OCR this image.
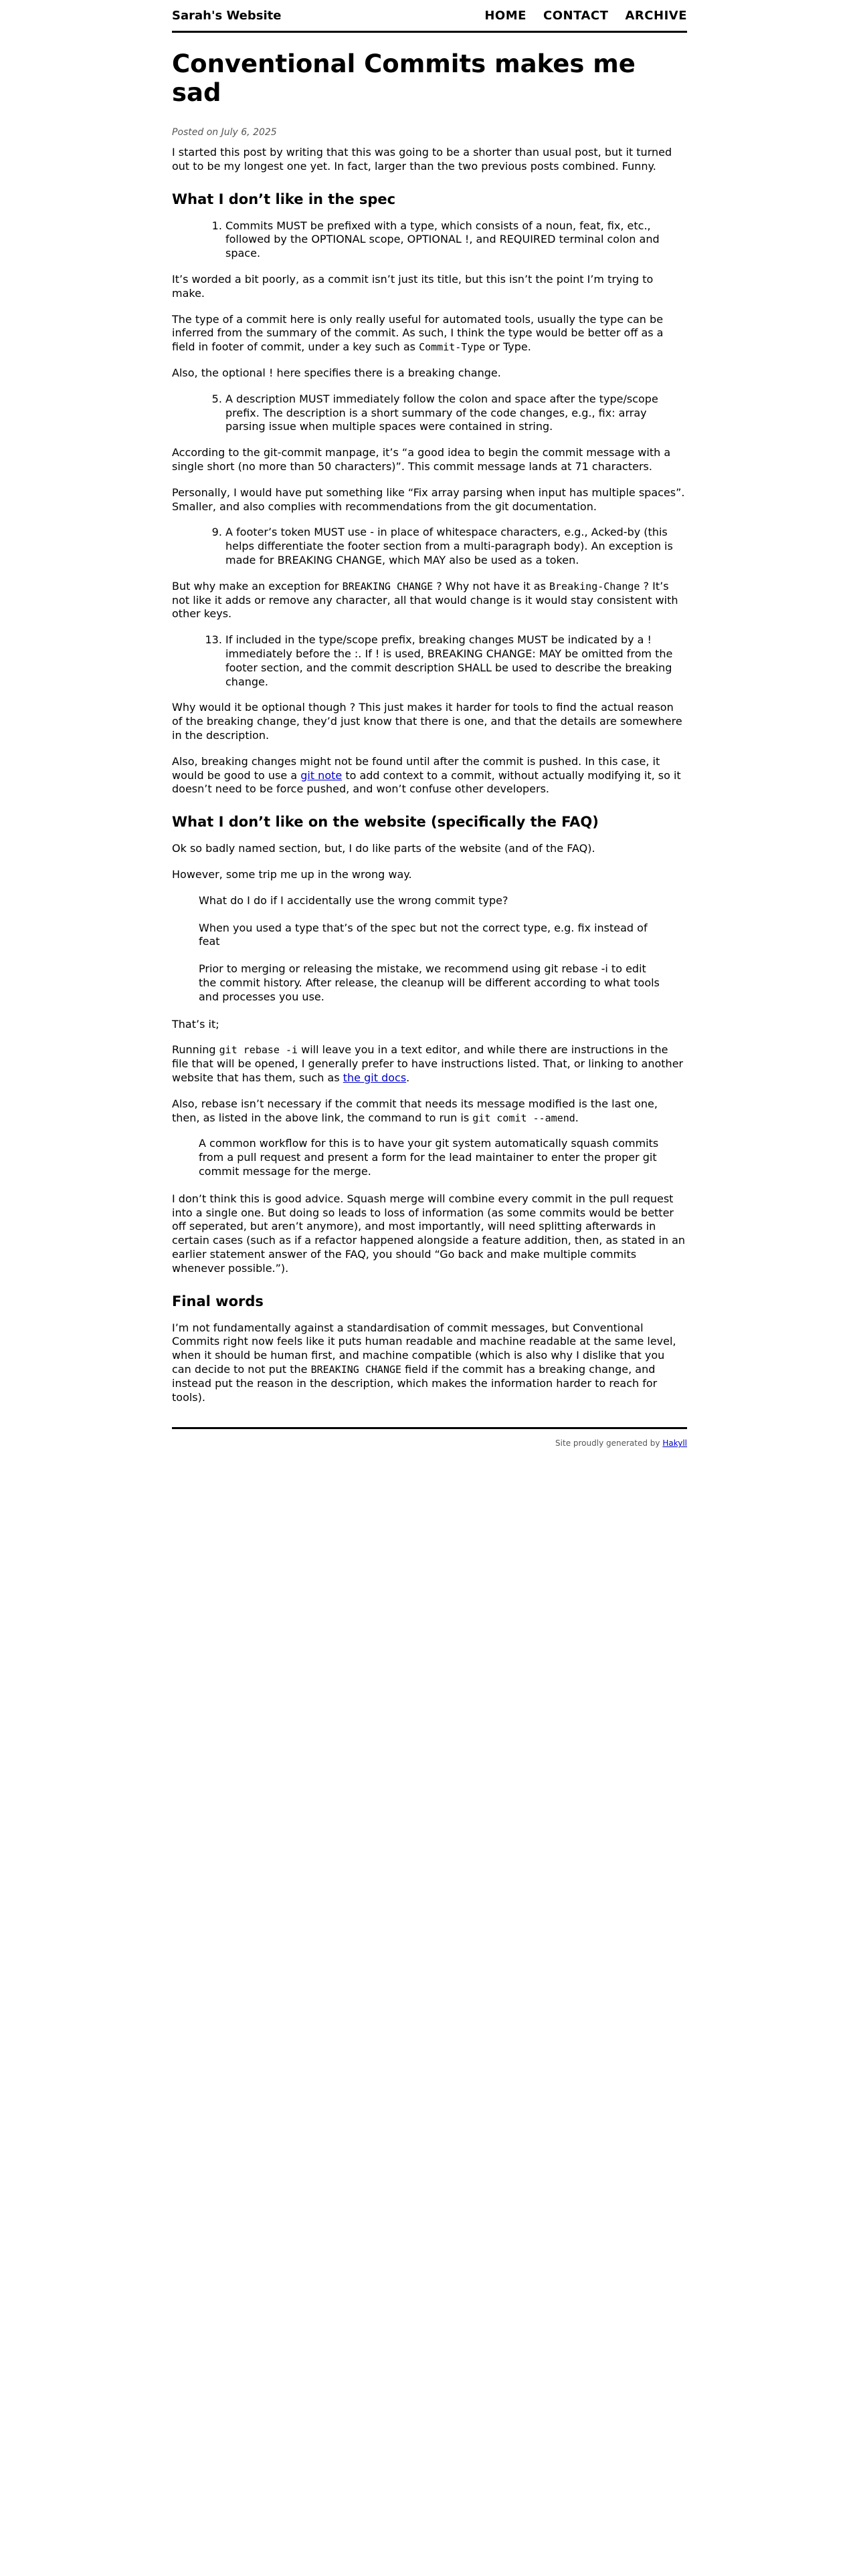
Sarah's Website	HOME CONTACT ARCHIVE
Conventional Commits makes me sad
Posted on July 6, 2025

I started this post by writing that this was going to be a shorter than usual post, but it turned out to be my longest one yet. In fact, larger than the two previous posts combined. Funny.

What I don’t like in the spec
1. Commits MUST be prefixed with a type, which consists of a noun, feat, fix, etc., followed by the OPTIONAL scope, OPTIONAL !, and REQUIRED terminal colon and space.

It’s worded a bit poorly, as a commit isn’t just its title, but this isn’t the point I’m trying to make.

The type of a commit here is only really useful for automated tools, usually the type can be inferred from the summary of the commit. As such, I think the type would be better off as a field in footer of commit, under a key such as Commit-Type or Type.

Also, the optional ! here specifies there is a breaking change.

5. A description MUST immediately follow the colon and space after the type/scope prefix. The description is a short summary of the code changes, e.g., fix: array parsing issue when multiple spaces were contained in string.

According to the git-commit manpage, it’s “a good idea to begin the commit message with a single short (no more than 50 characters)”. This commit message lands at 71 characters.

Personally, I would have put something like “Fix array parsing when input has multiple spaces”. Smaller, and also complies with recommendations from the git documentation.

9. A footer’s token MUST use - in place of whitespace characters, e.g., Acked-by (this helps differentiate the footer section from a multi-paragraph body). An exception is made for BREAKING CHANGE, which MAY also be used as a token.

But why make an exception for BREAKING CHANGE ? Why not have it as Breaking-Change ? It’s not like it adds or remove any character, all that would change is it would stay consistent with other keys.

13. If included in the type/scope prefix, breaking changes MUST be indicated by a ! immediately before the :. If ! is used, BREAKING CHANGE: MAY be omitted from the footer section, and the commit description SHALL be used to describe the breaking change.

Why would it be optional though ? This just makes it harder for tools to find the actual reason of the breaking change, they’d just know that there is one, and that the details are somewhere in the description.

Also, breaking changes might not be found until after the commit is pushed. In this case, it would be good to use a git note to add context to a commit, without actually modifying it, so it doesn’t need to be force pushed, and won’t confuse other developers.

What I don’t like on the website (specifically the FAQ)

Ok so badly named section, but, I do like parts of the website (and of the FAQ).

However, some trip me up in the wrong way.

What do I do if I accidentally use the wrong commit type?

When you used a type that’s of the spec but not the correct type, e.g. fix instead of feat

Prior to merging or releasing the mistake, we recommend using git rebase -i to edit the commit history. After release, the cleanup will be different according to what tools and processes you use.

That’s it;

Running git rebase -i will leave you in a text editor, and while there are instructions in the file that will be opened, I generally prefer to have instructions listed. That, or linking to another website that has them, such as the git docs.

Also, rebase isn’t necessary if the commit that needs its message modified is the last one, then, as listed in the above link, the command to run is git comit --amend.

A common workflow for this is to have your git system automatically squash commits from a pull request and present a form for the lead maintainer to enter the proper git commit message for the merge.

I don’t think this is good advice. Squash merge will combine every commit in the pull request into a single one. But doing so leads to loss of information (as some commits would be better off seperated, but aren’t anymore), and most importantly, will need splitting afterwards in certain cases (such as if a refactor happened alongside a feature addition, then, as stated in an earlier statement answer of the FAQ, you should “Go back and make multiple commits whenever possible.”).

Final words

I’m not fundamentally against a standardisation of commit messages, but Conventional Commits right now feels like it puts human readable and machine readable at the same level, when it should be human first, and machine compatible (which is also why I dislike that you can decide to not put the BREAKING CHANGE field if the commit has a breaking change, and instead put the reason in the description, which makes the information harder to reach for tools).

Site proudly generated by Hakyll
